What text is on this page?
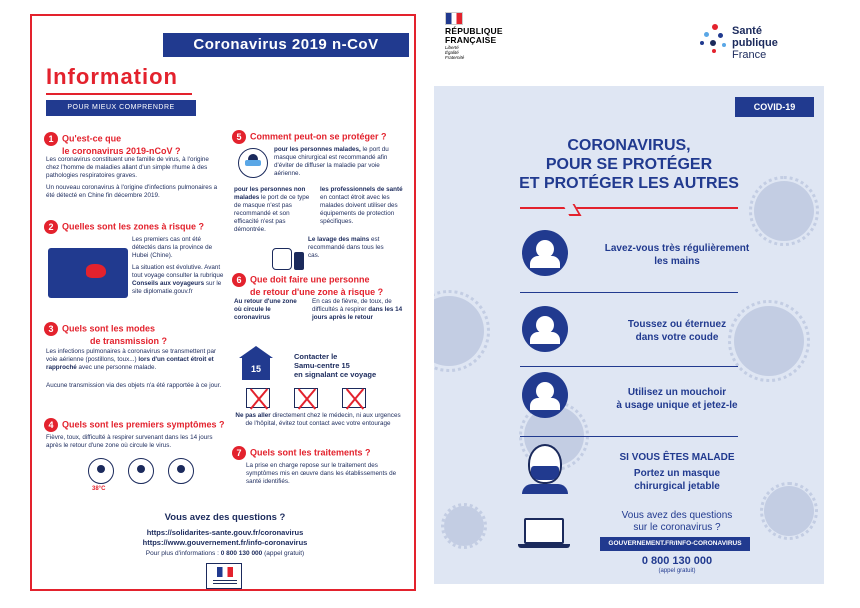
Coronavirus 2019 n-CoV
Information
POUR MIEUX COMPRENDRE
1 Qu'est-ce que
le coronavirus 2019-nCoV ?
Les coronavirus constituent une famille de virus, à l'origine chez l'homme de maladies allant d'un simple rhume à des pathologies respiratoires graves.
Un nouveau coronavirus à l'origine d'infections pulmonaires a été détecté en Chine fin décembre 2019.
2 Quelles sont les zones à risque ?
Les premiers cas ont été détectés dans la province de Hubei (Chine).
La situation est évolutive. Avant tout voyage consulter la rubrique Conseils aux voyageurs sur le site diplomatie.gouv.fr
3 Quels sont les modes
de transmission ?
Les infections pulmonaires à coronavirus se transmettent par voie aérienne (postillons, toux...) lors d'un contact étroit et rapproché avec une personne malade.
Aucune transmission via des objets n'a été rapportée à ce jour.
4 Quels sont les premiers symptômes ?
Fièvre, toux, difficulté à respirer survenant dans les 14 jours après le retour d'une zone où circule le virus.
38°C
5 Comment peut-on se protéger ?
pour les personnes malades, le port du masque chirurgical est recommandé afin d'éviter de diffuser la maladie par voie aérienne.
pour les personnes non malades le port de ce type de masque n'est pas recommandé et son efficacité n'est pas démontrée.
les professionnels de santé en contact étroit avec les malades doivent utiliser des équipements de protection spécifiques.
Le lavage des mains est recommandé dans tous les cas.
6 Que doit faire une personne
de retour d'une zone à risque ?
Au retour d'une zone où circule le coronavirus
En cas de fièvre, de toux, de difficultés à respirer dans les 14 jours après le retour
15
Contacter le
Samu-centre 15
en signalant ce voyage
Ne pas aller directement chez le médecin, ni aux urgences de l'hôpital, évitez tout contact avec votre entourage
7 Quels sont les traitements ?
La prise en charge repose sur le traitement des symptômes mis en œuvre dans les établissements de santé identifiés.
Vous avez des questions ?
https://solidarites-sante.gouv.fr/coronavirus
https://www.gouvernement.fr/info-coronavirus
Pour plus d'informations : 0 800 130 000 (appel gratuit)
RÉPUBLIQUE
FRANÇAISE
Liberté
Égalité
Fraternité
Santé
publique
France
COVID-19
CORONAVIRUS,
POUR SE PROTÉGER
ET PROTÉGER LES AUTRES
Lavez-vous très régulièrement
les mains
Toussez ou éternuez
dans votre coude
Utilisez un mouchoir
à usage unique et jetez-le
SI VOUS ÊTES MALADE
Portez un masque
chirurgical jetable
Vous avez des questions
sur le coronavirus ?
GOUVERNEMENT.FR/INFO-CORONAVIRUS
0 800 130 000
(appel gratuit)
